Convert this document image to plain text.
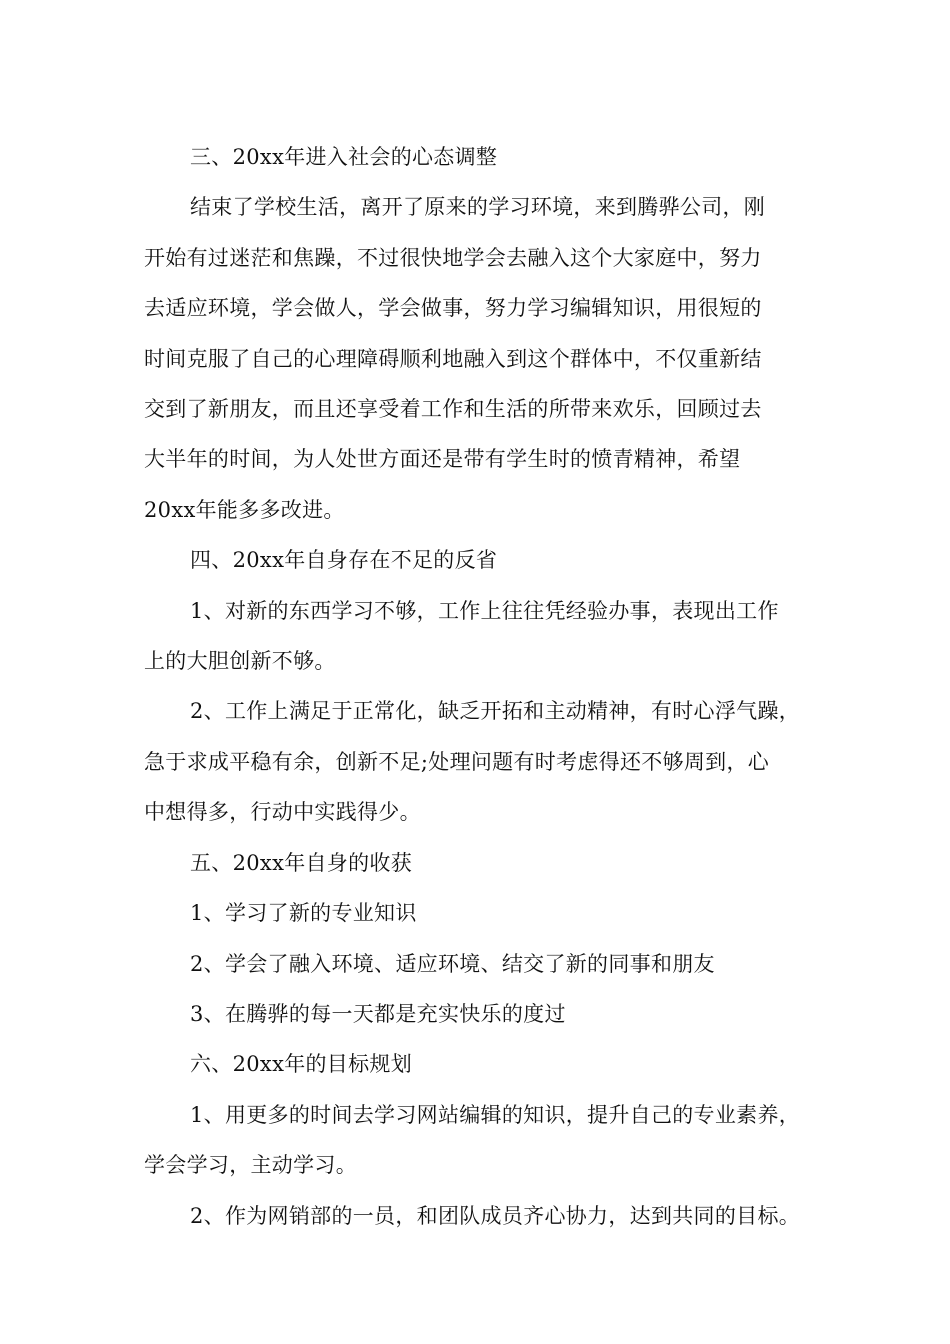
三、20xx年进入社会的心态调整
结束了学校生活，离开了原来的学习环境，来到腾骅公司，刚
开始有过迷茫和焦躁，不过很快地学会去融入这个大家庭中，努力
去适应环境，学会做人，学会做事，努力学习编辑知识，用很短的
时间克服了自己的心理障碍顺利地融入到这个群体中，不仅重新结
交到了新朋友，而且还享受着工作和生活的所带来欢乐，回顾过去
大半年的时间，为人处世方面还是带有学生时的愤青精神，希望
20xx年能多多改进。
四、20xx年自身存在不足的反省
1、对新的东西学习不够，工作上往往凭经验办事，表现出工作
上的大胆创新不够。
2、工作上满足于正常化，缺乏开拓和主动精神，有时心浮气躁，
急于求成平稳有余，创新不足;处理问题有时考虑得还不够周到，心
中想得多，行动中实践得少。
五、20xx年自身的收获
1、学习了新的专业知识
2、学会了融入环境、适应环境、结交了新的同事和朋友
3、在腾骅的每一天都是充实快乐的度过
六、20xx年的目标规划
1、用更多的时间去学习网站编辑的知识，提升自己的专业素养，
学会学习，主动学习。
2、作为网销部的一员，和团队成员齐心协力，达到共同的目标。
